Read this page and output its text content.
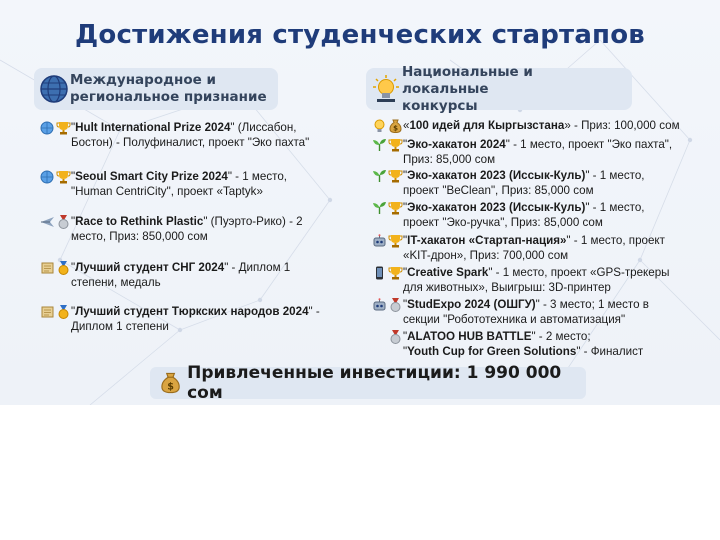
Достижения студенческих стартапов
Международное и
региональное признание
Национальные и локальные
конкурсы
"Hult International Prize 2024" (Лиссабон,
Бостон) - Полуфиналист, проект "Эко пахта"
"Seoul Smart City Prize 2024" - 1 место,
"Human CentriCity", проект «Taptyk»
"Race to Rethink Plastic" (Пуэрто-Рико) - 2
место, Приз: 850,000 сом
"Лучший студент СНГ 2024" - Диплом 1
степени, медаль
"Лучший студент Тюркских народов 2024" -
Диплом 1 степени
$ «100 идей для Кыргызстана» - Приз: 100,000 сом
"Эко-хакатон 2024" - 1 место, проект "Эко пахта",
Приз: 85,000 сом
"Эко-хакатон 2023 (Иссык-Куль)" - 1 место,
проект "BeClean", Приз: 85,000 сом
"Эко-хакатон 2023 (Иссык-Куль)" - 1 место,
проект "Эко-ручка", Приз: 85,000 сом
"IT-хакатон «Стартап-нация»" - 1 место, проект
«KIT-дрон», Приз: 700,000 сом
"Creative Spark" - 1 место, проект «GPS-трекеры
для животных», Выигрыш: 3D-принтер
"StudExpo 2024 (ОШГУ)" - 3 место; 1 место в
секции "Робототехника и автоматизация"
"ALATOO HUB BATTLE" - 2 место;
"Youth Cup for Green Solutions" - Финалист
$
Привлеченные инвестиции: 1 990 000 сом
